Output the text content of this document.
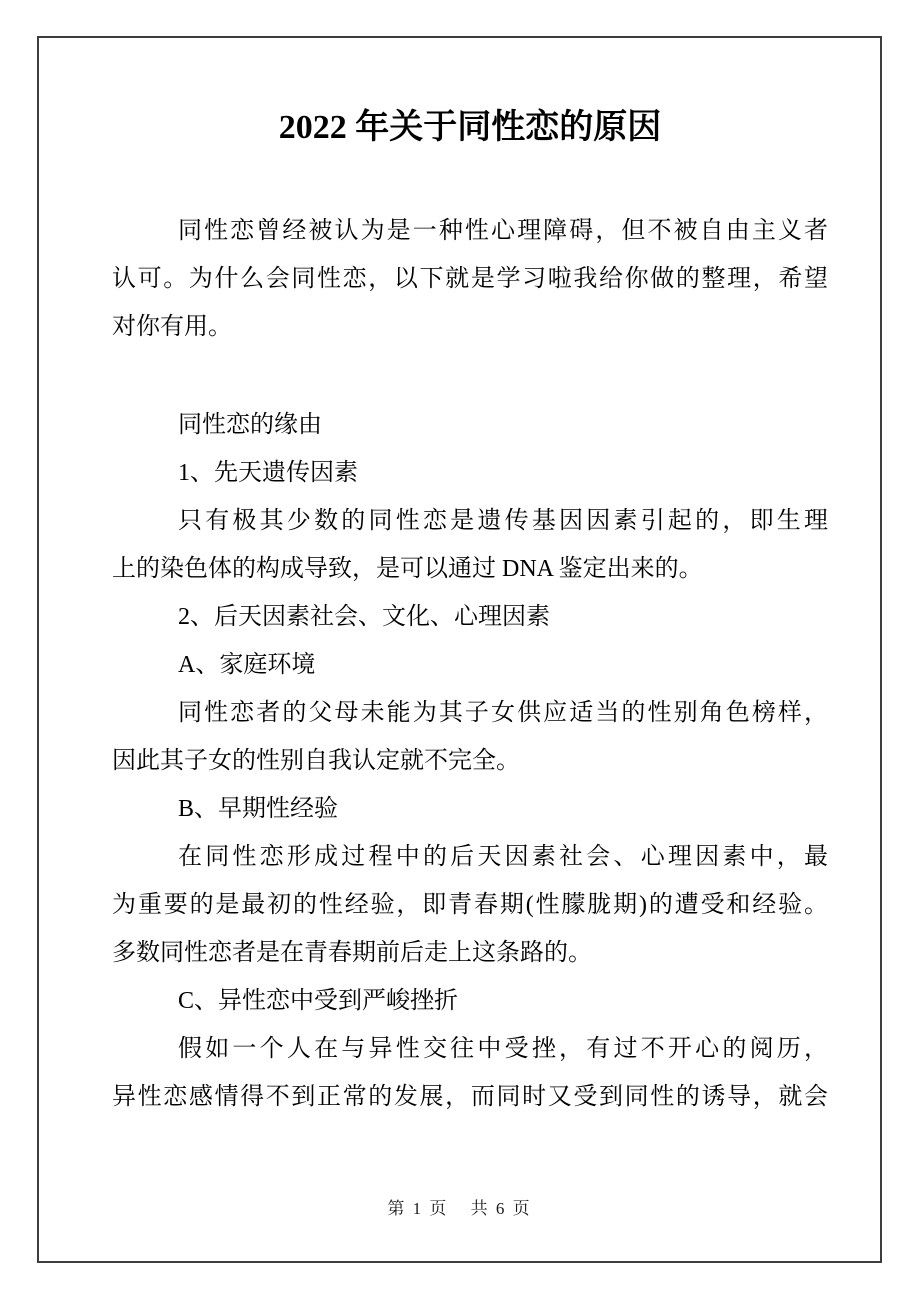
2022 年关于同性恋的原因
同性恋曾经被认为是一种性心理障碍，但不被自由主义者
认可。为什么会同性恋，以下就是学习啦我给你做的整理，希望
对你有用。
同性恋的缘由
1、先天遗传因素
只有极其少数的同性恋是遗传基因因素引起的，即生理
上的染色体的构成导致，是可以通过 DNA 鉴定出来的。
2、后天因素社会、文化、心理因素
A、家庭环境
同性恋者的父母未能为其子女供应适当的性别角色榜样，
因此其子女的性别自我认定就不完全。
B、早期性经验
在同性恋形成过程中的后天因素社会、心理因素中，最
为重要的是最初的性经验，即青春期(性朦胧期)的遭受和经验。
多数同性恋者是在青春期前后走上这条路的。
C、异性恋中受到严峻挫折
假如一个人在与异性交往中受挫，有过不开心的阅历，
异性恋感情得不到正常的发展，而同时又受到同性的诱导，就会
第 1 页 共 6 页
